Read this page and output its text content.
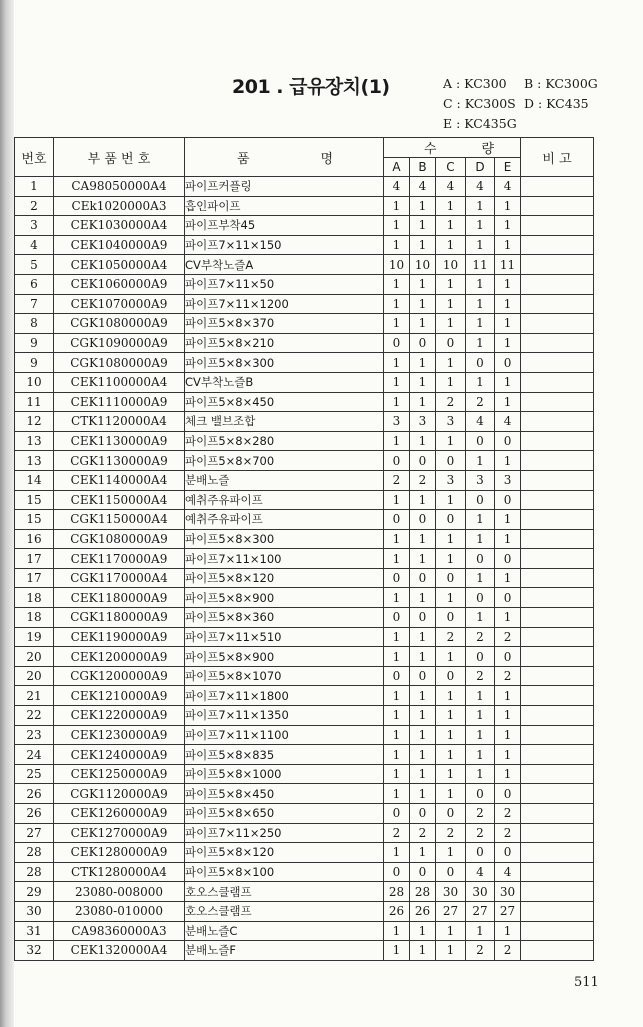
201 . 급유장치(1)	A : KC300 B : KC300G
C : KC300S D : KC435
E : KC435G
번호	부 품 번 호	품 명	수 량					비 고
			A	B	C	D	E	
1	CA98050000A4	파이프커플링	4	4	4	4	4	
2	CEk1020000A3	흡인파이프	1	1	1	1	1	
3	CEK1030000A4	파이프부착45	1	1	1	1	1	
4	CEK1040000A9	파이프7×11×150	1	1	1	1	1	
5	CEK1050000A4	CV부착노즐A	10	10	10	11	11	
6	CEK1060000A9	파이프7×11×50	1	1	1	1	1	
7	CEK1070000A9	파이프7×11×1200	1	1	1	1	1	
8	CGK1080000A9	파이프5×8×370	1	1	1	1	1	
9	CGK1090000A9	파이프5×8×210	0	0	0	1	1	
9	CGK1080000A9	파이프5×8×300	1	1	1	0	0	
10	CEK1100000A4	CV부착노즐B	1	1	1	1	1	
11	CEK1110000A9	파이프5×8×450	1	1	2	2	1	
12	CTK1120000A4	체크 밸브조합	3	3	3	4	4	
13	CEK1130000A9	파이프5×8×280	1	1	1	0	0	
13	CGK1130000A9	파이프5×8×700	0	0	0	1	1	
14	CEK1140000A4	분배노즐	2	2	3	3	3	
15	CEK1150000A4	예취주유파이프	1	1	1	0	0	
15	CGK1150000A4	예취주유파이프	0	0	0	1	1	
16	CGK1080000A9	파이프5×8×300	1	1	1	1	1	
17	CEK1170000A9	파이프7×11×100	1	1	1	0	0	
17	CGK1170000A4	파이프5×8×120	0	0	0	1	1	
18	CEK1180000A9	파이프5×8×900	1	1	1	0	0	
18	CGK1180000A9	파이프5×8×360	0	0	0	1	1	
19	CEK1190000A9	파이프7×11×510	1	1	2	2	2	
20	CEK1200000A9	파이프5×8×900	1	1	1	0	0	
20	CGK1200000A9	파이프5×8×1070	0	0	0	2	2	
21	CEK1210000A9	파이프7×11×1800	1	1	1	1	1	
22	CEK1220000A9	파이프7×11×1350	1	1	1	1	1	
23	CEK1230000A9	파이프7×11×1100	1	1	1	1	1	
24	CEK1240000A9	파이프5×8×835	1	1	1	1	1	
25	CEK1250000A9	파이프5×8×1000	1	1	1	1	1	
26	CGK1120000A9	파이프5×8×450	1	1	1	0	0	
26	CEK1260000A9	파이프5×8×650	0	0	0	2	2	
27	CEK1270000A9	파이프7×11×250	2	2	2	2	2	
28	CEK1280000A9	파이프5×8×120	1	1	1	0	0	
28	CTK1280000A4	파이프5×8×100	0	0	0	4	4	
29	23080-008000	호오스클램프	28	28	30	30	30	
30	23080-010000	호오스클램프	26	26	27	27	27	
31	CA98360000A3	분배노즐C	1	1	1	1	1	
32	CEK1320000A4	분배노즐F	1	1	1	2	2	
511
